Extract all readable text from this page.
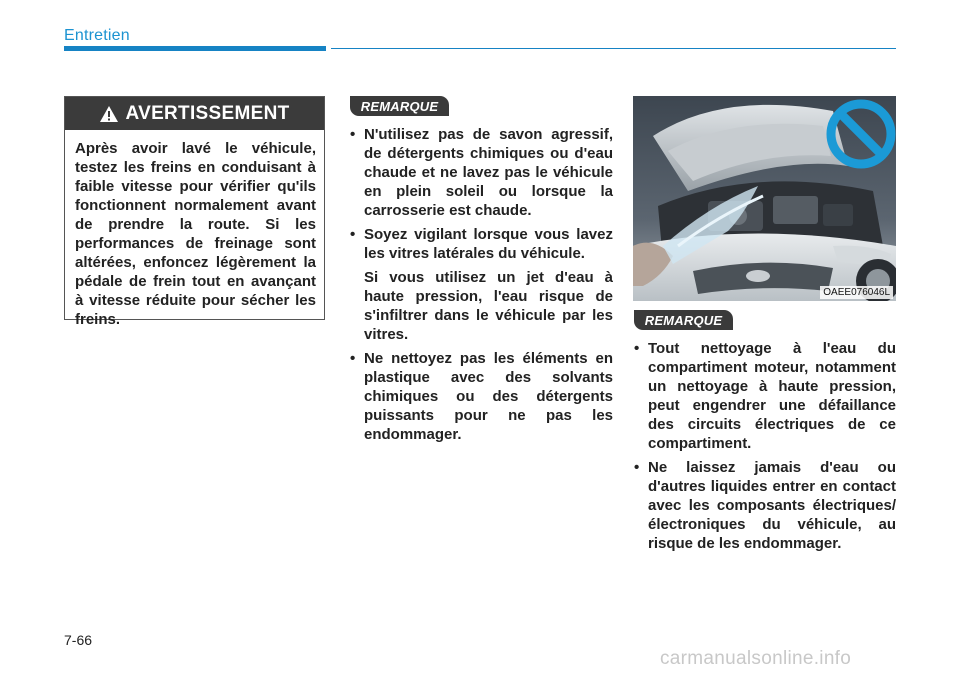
Entretien
AVERTISSEMENT

Après avoir lavé le véhicule, testez les freins en conduisant à faible vitesse pour vérifier qu'ils fonctionnent normalement avant de prendre la route. Si les performances de freinage sont altérées, enfoncez légèrement la pédale de frein tout en avançant à vitesse réduite pour sécher les freins.

REMARQUE
• N'utilisez pas de savon agressif, de détergents chimiques ou d'eau chaude et ne lavez pas le véhicule en plein soleil ou lorsque la carrosserie est chaude.

• Soyez vigilant lorsque vous lavez les vitres latérales du véhicule.

Si vous utilisez un jet d'eau à haute pression, l'eau risque de s'infiltrer dans le véhicule par les vitres.

• Ne nettoyez pas les éléments en plastique avec des solvants chimiques ou des détergents puissants pour ne pas les endommager.

OAEE076046L
REMARQUE
• Tout nettoyage à l'eau du compartiment moteur, notamment un nettoyage à haute pression, peut engendrer une défaillance des circuits électriques de ce compartiment.

• Ne laissez jamais d'eau ou d'autres liquides entrer en contact avec les composants électriques/électroniques du véhicule, au risque de les endommager.

7-66
carmanualsonline.info
